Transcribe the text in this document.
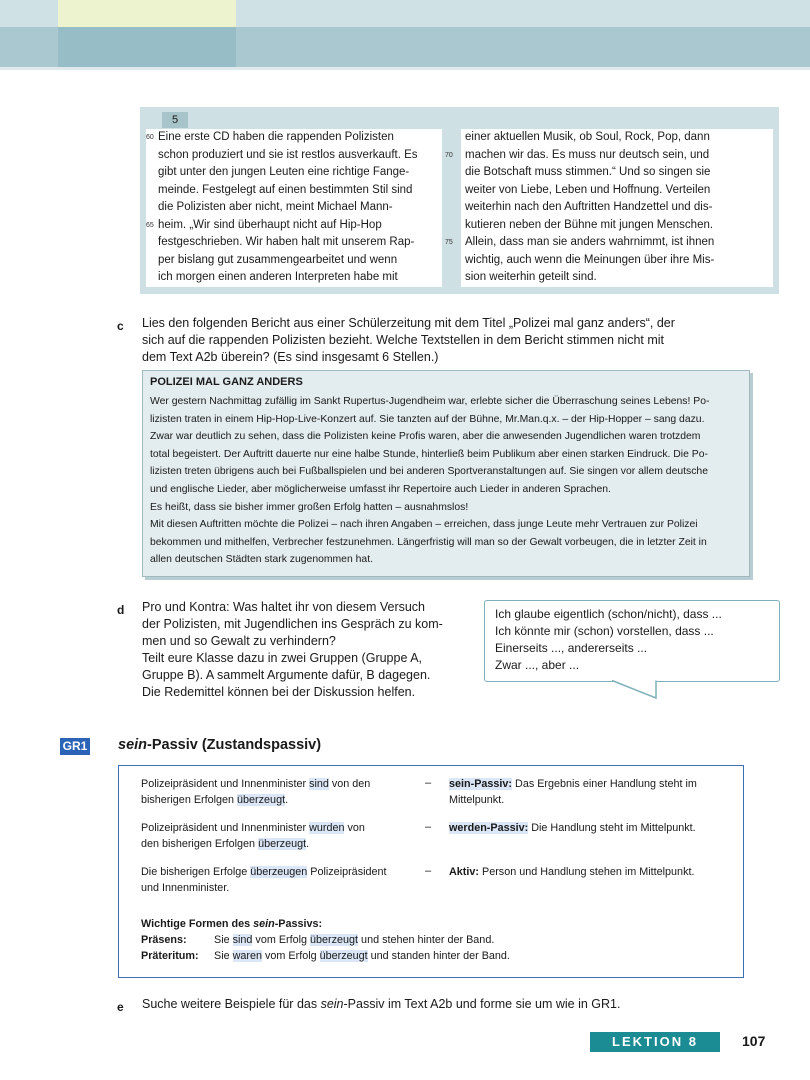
5
60 Eine erste CD haben die rappenden Polizisten
schon produziert und sie ist restlos ausverkauft. Es
gibt unter den jungen Leuten eine richtige Fange-
meinde. Festgelegt auf einen bestimmten Stil sind
die Polizisten aber nicht, meint Michael Mann-
65 heim. „Wir sind überhaupt nicht auf Hip-Hop
festgeschrieben. Wir haben halt mit unserem Rap-
per bislang gut zusammengearbeitet und wenn
ich morgen einen anderen Interpreten habe mit
einer aktuellen Musik, ob Soul, Rock, Pop, dann
70 machen wir das. Es muss nur deutsch sein, und
die Botschaft muss stimmen.“ Und so singen sie
weiter von Liebe, Leben und Hoffnung. Verteilen
weiterhin nach den Auftritten Handzettel und dis-
kutieren neben der Bühne mit jungen Menschen.
75 Allein, dass man sie anders wahrnimmt, ist ihnen
wichtig, auch wenn die Meinungen über ihre Mis-
sion weiterhin geteilt sind.
c Lies den folgenden Bericht aus einer Schülerzeitung mit dem Titel „Polizei mal ganz anders“, der
sich auf die rappenden Polizisten bezieht. Welche Textstellen in dem Bericht stimmen nicht mit
dem Text A2b überein? (Es sind insgesamt 6 Stellen.)
POLIZEI MAL GANZ ANDERS
Wer gestern Nachmittag zufällig im Sankt Rupertus-Jugendheim war, erlebte sicher die Überraschung seines Lebens! Po-
lizisten traten in einem Hip-Hop-Live-Konzert auf. Sie tanzten auf der Bühne, Mr.Man.q.x. – der Hip-Hopper – sang dazu.
Zwar war deutlich zu sehen, dass die Polizisten keine Profis waren, aber die anwesenden Jugendlichen waren trotzdem
total begeistert. Der Auftritt dauerte nur eine halbe Stunde, hinterließ beim Publikum aber einen starken Eindruck. Die Po-
lizisten treten übrigens auch bei Fußballspielen und bei anderen Sportveranstaltungen auf. Sie singen vor allem deutsche
und englische Lieder, aber möglicherweise umfasst ihr Repertoire auch Lieder in anderen Sprachen.
Es heißt, dass sie bisher immer großen Erfolg hatten – ausnahmslos!
Mit diesen Auftritten möchte die Polizei – nach ihren Angaben – erreichen, dass junge Leute mehr Vertrauen zur Polizei
bekommen und mithelfen, Verbrecher festzunehmen. Längerfristig will man so der Gewalt vorbeugen, die in letzter Zeit in
allen deutschen Städten stark zugenommen hat.
d Pro und Kontra: Was haltet ihr von diesem Versuch
der Polizisten, mit Jugendlichen ins Gespräch zu kom-
men und so Gewalt zu verhindern?
Teilt eure Klasse dazu in zwei Gruppen (Gruppe A,
Gruppe B). A sammelt Argumente dafür, B dagegen.
Die Redemittel können bei der Diskussion helfen.
Ich glaube eigentlich (schon/nicht), dass ...
Ich könnte mir (schon) vorstellen, dass ...
Einerseits ..., andererseits ...
Zwar ..., aber ...
GR1 sein-Passiv (Zustandspassiv)
Polizeipräsident und Innenminister sind von den
bisherigen Erfolgen überzeugt.
– sein-Passiv: Das Ergebnis einer Handlung steht im
Mittelpunkt.
Polizeipräsident und Innenminister wurden von
den bisherigen Erfolgen überzeugt.
– werden-Passiv: Die Handlung steht im Mittelpunkt.
Die bisherigen Erfolge überzeugen Polizeipräsident
und Innenminister.
– Aktiv: Person und Handlung stehen im Mittelpunkt.
Wichtige Formen des sein-Passivs:
Präsens:	Sie sind vom Erfolg überzeugt und stehen hinter der Band.
Präteritum: Sie waren vom Erfolg überzeugt und standen hinter der Band.
e Suche weitere Beispiele für das sein-Passiv im Text A2b und forme sie um wie in GR1.
LEKTION 8	107
